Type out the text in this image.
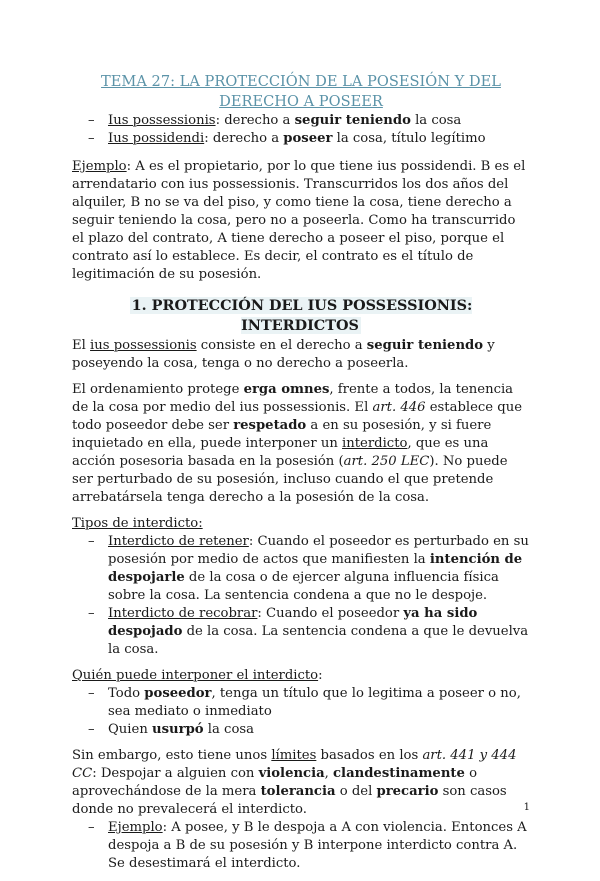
TEMA 27: LA PROTECCIÓN DE LA POSESIÓN Y DEL DERECHO A POSEER
– Ius possessionis: derecho a seguir teniendo la cosa
– Ius possidendi: derecho a poseer la cosa, título legítimo

Ejemplo: A es el propietario, por lo que tiene ius possidendi. B es el arrendatario con ius possessionis. Transcurridos los dos años del alquiler, B no se va del piso, y como tiene la cosa, tiene derecho a seguir teniendo la cosa, pero no a poseerla. Como ha transcurrido el plazo del contrato, A tiene derecho a poseer el piso, porque el contrato así lo establece. Es decir, el contrato es el título de legitimación de su posesión.

1. PROTECCIÓN DEL IUS POSSESSIONIS: INTERDICTOS

El ius possessionis consiste en el derecho a seguir teniendo y poseyendo la cosa, tenga o no derecho a poseerla.

El ordenamiento protege erga omnes, frente a todos, la tenencia de la cosa por medio del ius possessionis. El art. 446 establece que todo poseedor debe ser respetado a en su posesión, y si fuere inquietado en ella, puede interponer un interdicto, que es una acción posesoria basada en la posesión (art. 250 LEC). No puede ser perturbado de su posesión, incluso cuando el que pretende arrebatársela tenga derecho a la posesión de la cosa.

Tipos de interdicto:

– Interdicto de retener: Cuando el poseedor es perturbado en su posesión por medio de actos que manifiesten la intención de despojarle de la cosa o de ejercer alguna influencia física sobre la cosa. La sentencia condena a que no le despoje.
– Interdicto de recobrar: Cuando el poseedor ya ha sido despojado de la cosa. La sentencia condena a que le devuelva la cosa.

Quién puede interponer el interdicto:

– Todo poseedor, tenga un título que lo legitima a poseer o no, sea mediato o inmediato
– Quien usurpó la cosa

Sin embargo, esto tiene unos límites basados en los art. 441 y 444 CC: Despojar a alguien con violencia, clandestinamente o aprovechándose de la mera tolerancia o del precario son casos donde no prevalecerá el interdicto.

– Ejemplo: A posee, y B le despoja a A con violencia. Entonces A despoja a B de su posesión y B interpone interdicto contra A. Se desestimará el interdicto.
1
